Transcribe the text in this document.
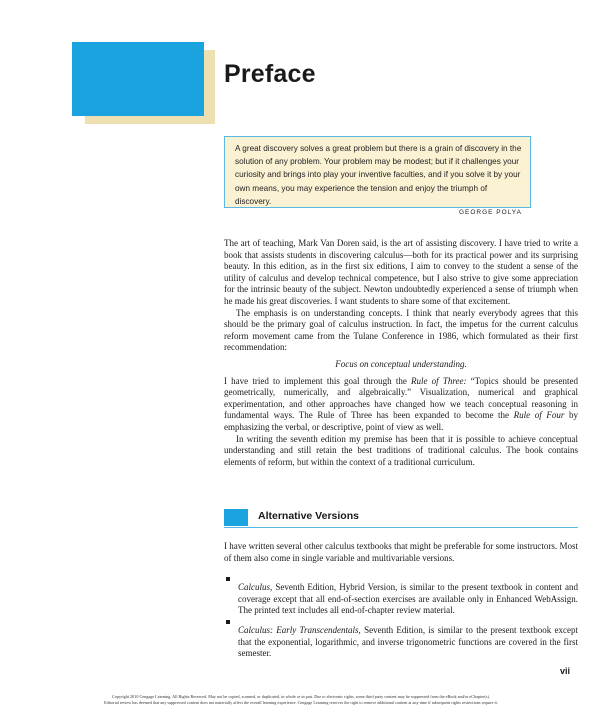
Preface

A great discovery solves a great problem but there is a grain of discovery in the solution of any problem. Your problem may be modest; but if it challenges your curiosity and brings into play your inventive faculties, and if you solve it by your own means, you may experience the tension and enjoy the triumph of discovery.

GEORGE POLYA

The art of teaching, Mark Van Doren said, is the art of assisting discovery. I have tried to write a book that assists students in discovering calculus—both for its practical power and its surprising beauty. In this edition, as in the first six editions, I aim to convey to the student a sense of the utility of calculus and develop technical competence, but I also strive to give some appreciation for the intrinsic beauty of the subject. Newton undoubtedly experienced a sense of triumph when he made his great discoveries. I want students to share some of that excitement.

The emphasis is on understanding concepts. I think that nearly everybody agrees that this should be the primary goal of calculus instruction. In fact, the impetus for the current calculus reform movement came from the Tulane Conference in 1986, which formulated as their first recommendation:

Focus on conceptual understanding.

I have tried to implement this goal through the Rule of Three: “Topics should be presented geometrically, numerically, and algebraically.” Visualization, numerical and graphical experimentation, and other approaches have changed how we teach conceptual reasoning in fundamental ways. The Rule of Three has been expanded to become the Rule of Four by emphasizing the verbal, or descriptive, point of view as well.

In writing the seventh edition my premise has been that it is possible to achieve conceptual understanding and still retain the best traditions of traditional calculus. The book contains elements of reform, but within the context of a traditional curriculum.

Alternative Versions

I have written several other calculus textbooks that might be preferable for some instructors. Most of them also come in single variable and multivariable versions.

Calculus, Seventh Edition, Hybrid Version, is similar to the present textbook in content and coverage except that all end-of-section exercises are available only in Enhanced WebAssign. The printed text includes all end-of-chapter review material.

Calculus: Early Transcendentals, Seventh Edition, is similar to the present textbook except that the exponential, logarithmic, and inverse trigonometric functions are covered in the first semester.

vii

Copyright 2010 Cengage Learning. All Rights Reserved. May not be copied, scanned, or duplicated, in whole or in part. Due to electronic rights, some third party content may be suppressed from the eBook and/or eChapter(s).

Editorial review has deemed that any suppressed content does not materially affect the overall learning experience. Cengage Learning reserves the right to remove additional content at any time if subsequent rights restrictions require it.
